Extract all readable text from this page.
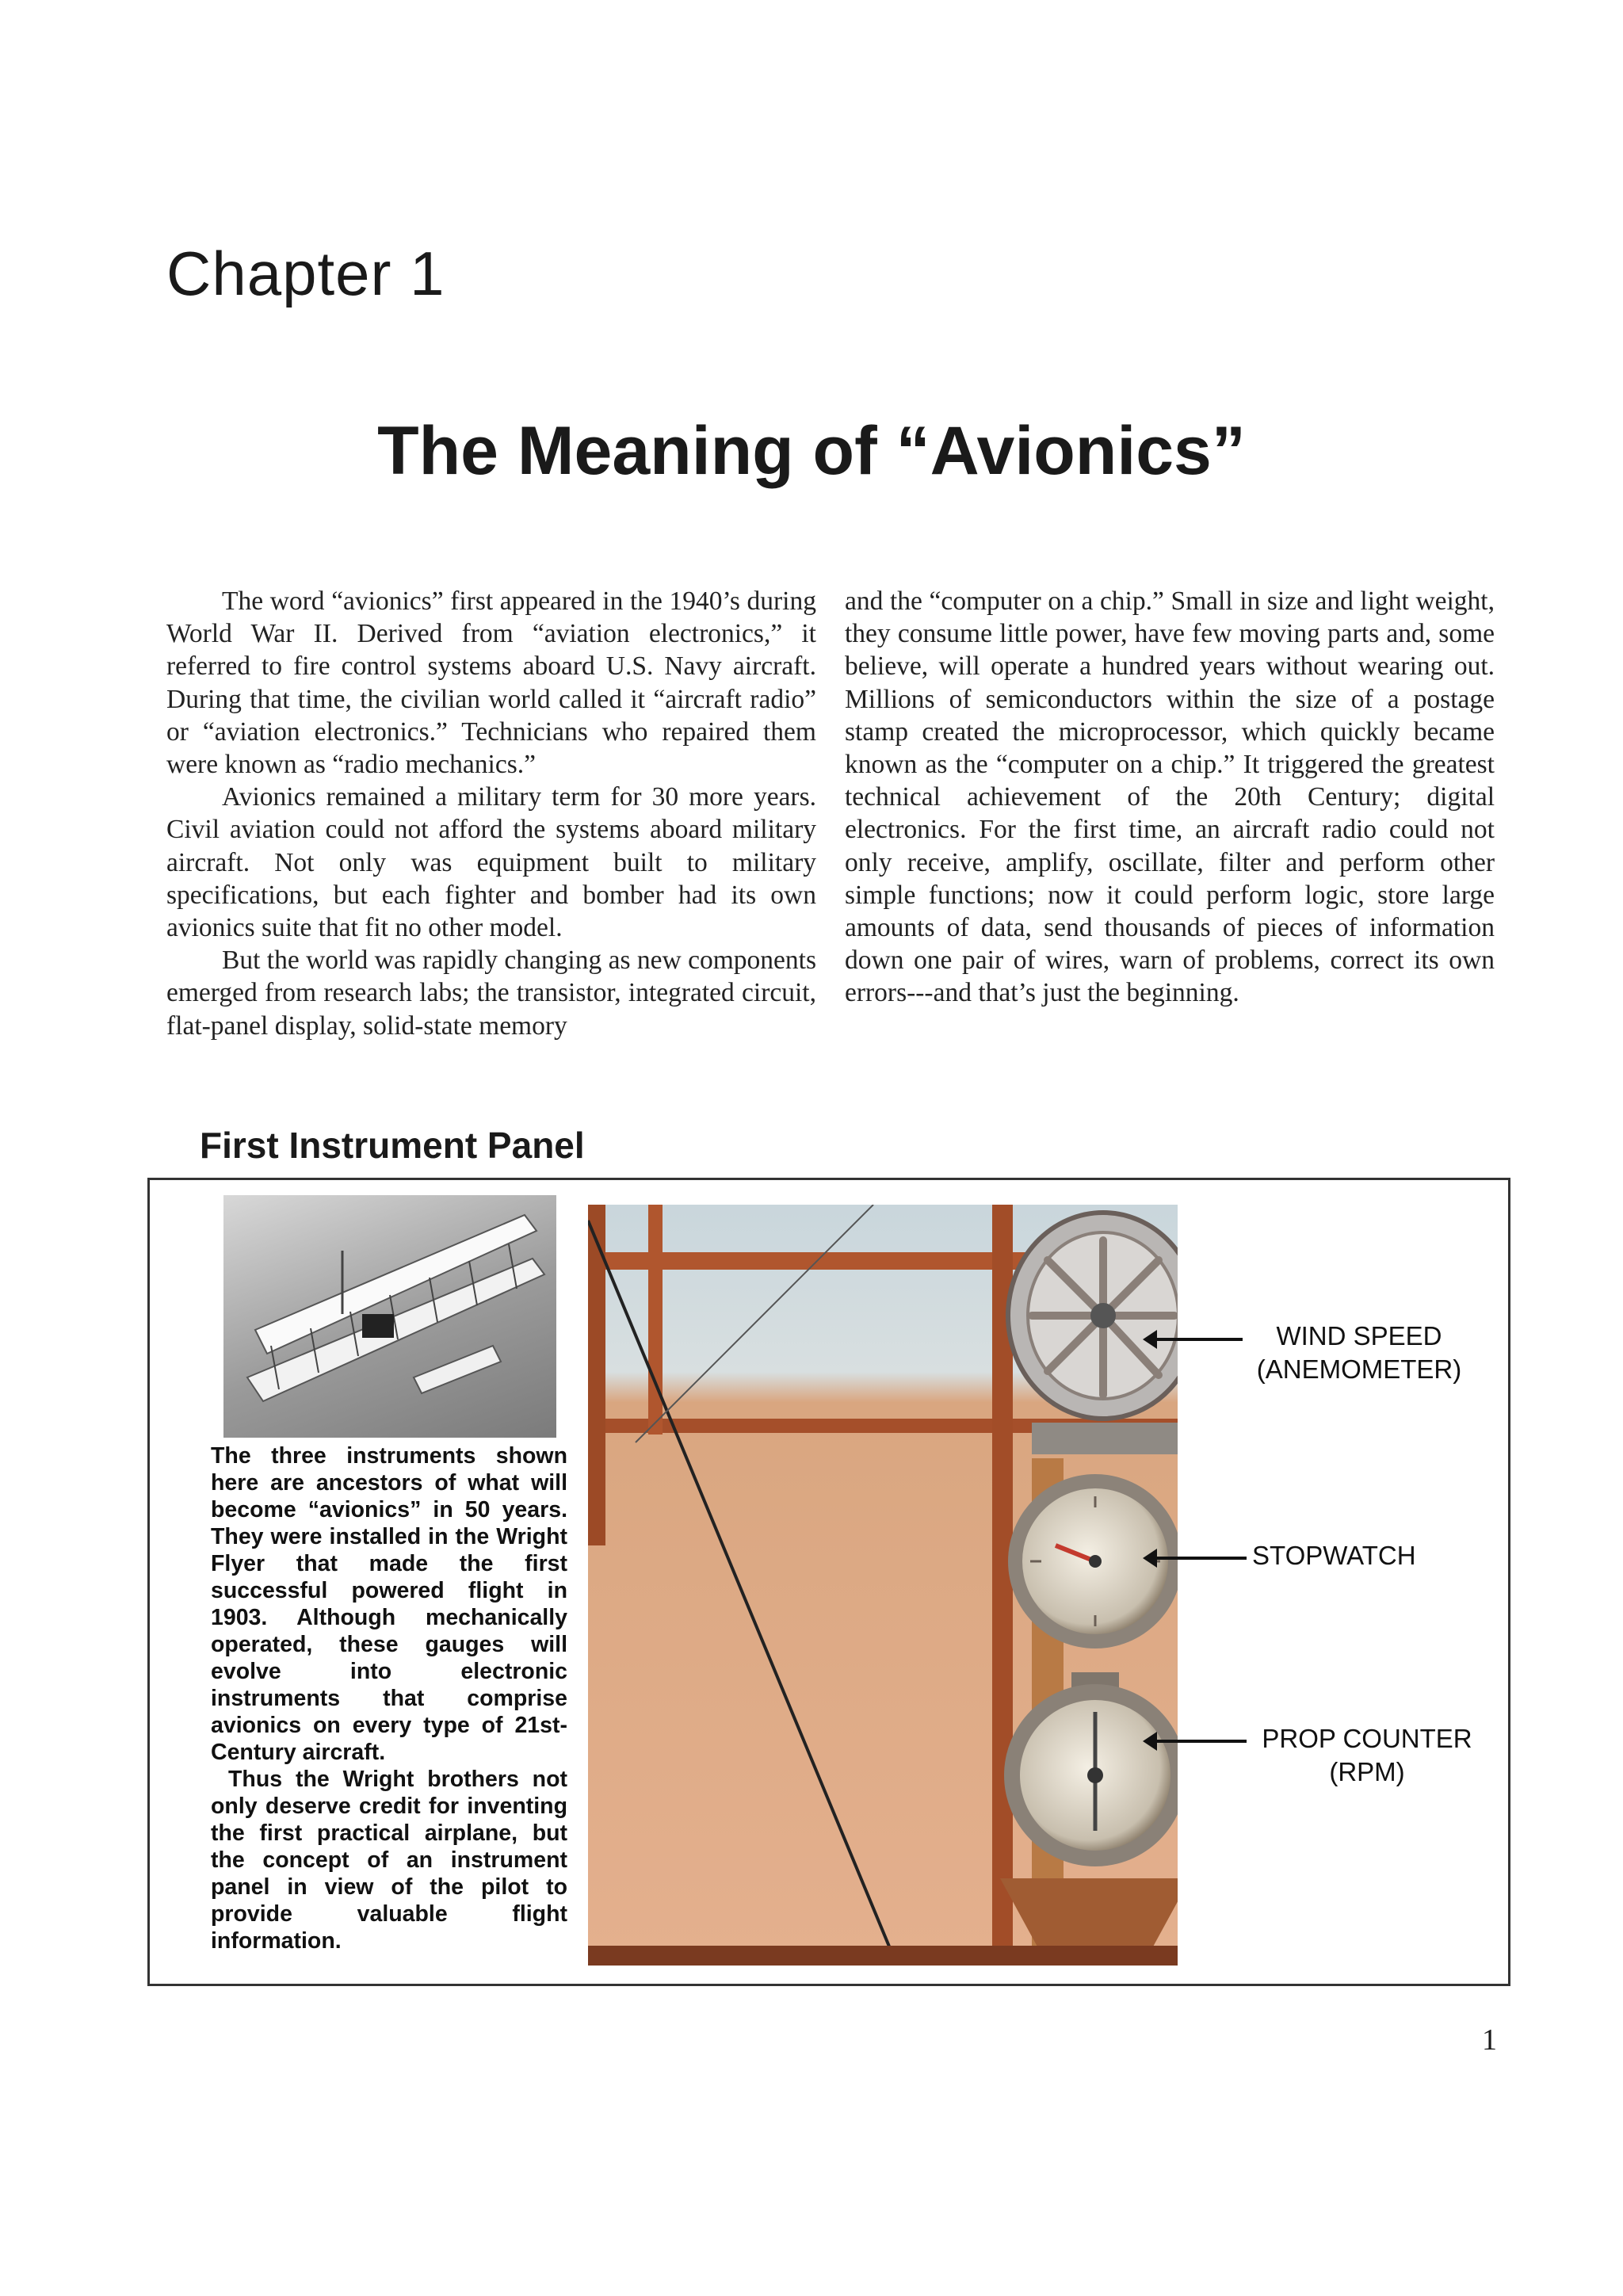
Chapter 1
The Meaning of “Avionics”

The word “avionics” first appeared in the 1940’s during World War II. Derived from “aviation electronics,” it referred to fire control systems aboard U.S. Navy aircraft. During that time, the civilian world called it “aircraft radio” or “aviation electronics.” Technicians who repaired them were known as “radio mechanics.”

Avionics remained a military term for 30 more years. Civil aviation could not afford the systems aboard military aircraft. Not only was equipment built to military specifications, but each fighter and bomber had its own avionics suite that fit no other model.

But the world was rapidly changing as new components emerged from research labs; the transistor, integrated circuit, flat-panel display, solid-state memory

and the “computer on a chip.” Small in size and light weight, they consume little power, have few moving parts and, some believe, will operate a hundred years without wearing out. Millions of semiconductors within the size of a postage stamp created the microprocessor, which quickly became known as the “computer on a chip.” It triggered the greatest technical achievement of the 20th Century; digital electronics. For the first time, an aircraft radio could not only receive, amplify, oscillate, filter and perform other simple functions; now it could perform logic, store large amounts of data, send thousands of pieces of information down one pair of wires, warn of problems, correct its own errors---and that’s just the beginning.

First Instrument Panel

The three instruments shown here are ancestors of what will become “avionics” in 50 years. They were installed in the Wright Flyer that made the first successful powered flight in 1903. Although mechanically operated, these gauges will evolve into electronic instruments that comprise avionics on every type of 21st-Century aircraft.

Thus the Wright brothers not only deserve credit for inventing the first practical airplane, but the concept of an instrument panel in view of the pilot to provide valuable flight information.

WIND SPEED
(ANEMOMETER)
STOPWATCH
PROP COUNTER
(RPM)

1
